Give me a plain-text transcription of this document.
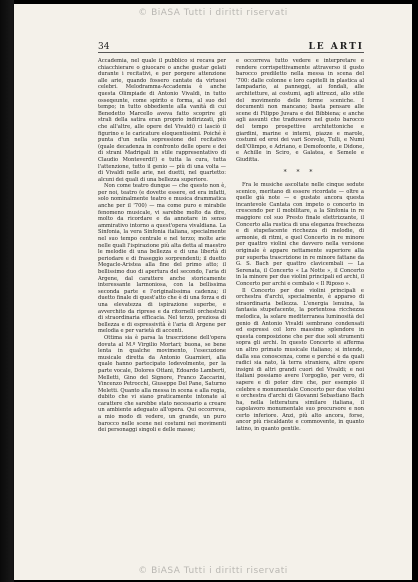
© BiASA Tutti i diritti riservati
34	LE ARTI

Accademia, nel quale il pubblico si recava per chiacchierare o giuocare o anche gustar gelati durante i recitativi, e per porgere attenzione alle arie, quando fossero cantate da virtuosi celebri. Melodramma-Accademia è anche questa Olimpiade di Antonio Vivaldi, in tutto osseqeunte, come spirito e forma, al suo del tempo; in tutto obbediente alla vanità di cui Benedetto Marcello aveva fatto scoprire gli strali della satira eran proprio indirizzati, più che all'altre, alle opere del Vivaldi) ci lasciò il figurino e le caricature eloquentissimi. Poiché è punta d'un nella sopressione del recitativo (quale decadenza in confronto delle opere e dei dì strani Madrigali in stile rappresentativo di Claudio Monteverdi!) e tutta la cura, tutta l'attenzione, tutto il genio — più di una volta — di Vivaldi nelle arie, nei duetti, nel quartetto: alcuni dei quali di una bellezza superiore.

Non come teatro dunque — che questo non è, per noi, teatro (e dovette essere, ed era infatti, solo nominalmente teatro e musica drammatica anche per il '700) — ma come puro e mirabile fenomeno musicale, vi sarebbe molto da dire, molto da ricordare e da annotare in senso ammirativo intorno a quest'opera vivaldiana. La Sinfonia, la vera Sinfonia italiana, specialmente nel suo tempo centrale e nel terzo; molte arie nelle quali l'ispirazione più alta detta al maestro le melodie di una bellezza e di una libertà di periodare e di fraseggio sorprendenti; il duetto Megacle-Aristea alla fine del primo atto; il bellissimo duo di apertura del secondo, l'aria di Argene, dal carattere anche storicamente interessante larmoniosa, con la bellissima seconda parte e l'originalissima cadenza; il duetto finale di quest'atto che è di una forza e di una elevatezza di ispirazione superbe, e avverchito da riprese e da ritornelli orchestrali di straordinaria efficacia. Nel terzo, preziosa di bellezza e di espressività è l'aria di Argene per melodia e per varietà di accenti.

Ottima sia è parsa la trascrizione dell'opera dovuta al M.º Virgilio Mortari; buona, se bene lenta in qualche movimento, l'esecuzione musicale diretta da Antonio Guarnieri, alla quale hanno partecipato lodevolmente, per la parte vocale, Dolores Ottani, Edoardo Lamberti, Melletti, Gino del Signore, Franco Zaccarini, Vincenzo Petrocchi, Giuseppe Del Pane, Saturno Meletti. Quanto alla messa in scena e alla regia, dubito che vi siano praticamente intonate al carattere che sarebbe stato necessario a creare un ambiente adeguato all'opera. Qui occorreva, a mio modo di vedere, un grande, un puro barocco nelle scene nei costumi nei movimenti dei personaggi singoli e delle masse;

e occorreva tutto vedere e interpretare e rendere corrispettivamente attraverso il gusto barocco prediletto nella messa in scena del '700: dalle colonne e loro capitelli in plastica al lampadario, ai panneggi, ai fondali, alle architetture, ai costumi, agli attrezzi, allo stile del movimento delle forme sceniche. I documenti non mancano; basta pensare alle scene di Filippo Juvara e dei Bibbiena; e anche agli assunti che tradussero nel gusto barocco del tempo prospettive architettoniche e giardini, marine e interni, piazze e marole, costumi ed eroi dei vari Scevole, Tulli, e Numi dell'Olimpo, e Adriano, e Demofoonte, e Didone, e Achille in Sciro, e Galatea, e Semele e Giuditta.

* * *

Fra le musiche ascoltate nelle cinque sedute scenico, meritano di essere ricordate — oltre a quelle già note — e gustate ancora questa incantevole Cantata con impeto o concerto in crescendo per il mobilitare, a la Sinfonia in re maggiore col suo Presto finale elettrizzante, il Concerto alla rustica di una eleganza freschezza e di stupefacente ricchezza di melodie, di armonie, di ritmi, e quel Concerto in re minore per quattro violini che davvero nella versione originale è appare nettamente superiore alla pur superba trascrizione in re minore fattane da G. S. Bach per quattro clavicembali — La Serenata, il Concerto « La Notte », il Concerto in la minore per due violini principali ed archi, il Concerto per archi e cembalo « Il Riposo ».

Il Concerto per due violini principali e orchestra d'archi, specialmente, è apparso di straordinaria bellezza. L'energia lenuina, la fantasia stupefacente, la portentosa ricchezza melodica, la solare mediterranea luminosità del genio di Antonio Vivaldi sembrano condensati ed espressi col loro massimo splendore in questa composizione che per due soli strumenti sopra gli archi. In questo Concerto si afferma un altro primato musicale italiano; si intende, dalla sua conoscenza, come e perché e da quali radici sia nato, là terra straniera, altre opere insigni di altri grandi cuori del Vivaldi; e noi italiani possiamo avere l'orgoglio, per vero, di sapere e di poter dire che, per esempio il celebre e monumentale Concerto per due violini e orchestra d'archi di Giovanni Sebastiano Bach ha, nella letteratura similare italiana, il capolavoro monumentale suo precursore e non certo inferiore. Anzi, più alto ancora, forse, ancor più riscaldante e commovente, in quanto latino, in quanto gentile.

© BiASA Tutti i diritti riservati
